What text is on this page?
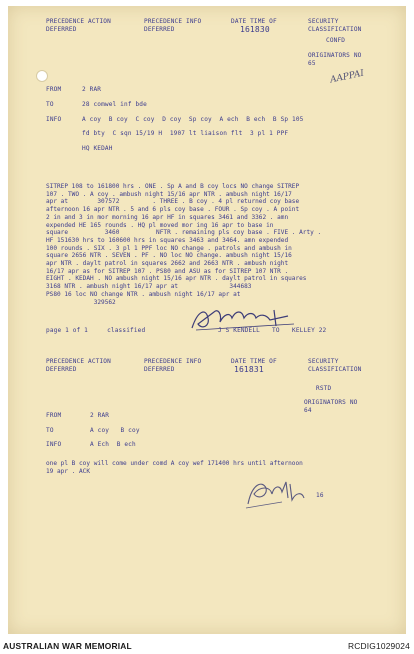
PRECEDENCE ACTION
DEFERRED
PRECEDENCE INFO
DEFERRED
DATE TIME OF
161830
SECURITY
CLASSIFICATION
CONFD
ORIGINATORS NO
65
AAPPAI
FROM	2 RAR
TO	28 comwel inf bde
INFO	A coy  B coy  C coy  D coy  Sp coy  A ech  B ech  B Sp 105
fd bty  C sqn 15/19 H  1907 lt liaison flt  3 pl 1 PPF
HQ KEDAH
SITREP 108 to 161800 hrs . ONE . Sp A and B coy locs NO change SITREP
107 . TWO . A coy . ambush night 15/16 apr NTR . ambush night 16/17
apr at        307572         . THREE . B coy . 4 pl returned coy base
afternoon 16 apr NTR . 5 and 6 pls coy base . FOUR . Sp coy . A point
2 in and 3 in mor morning 16 apr HF in squares 3461 and 3362 . amn
expended HE 165 rounds . HQ pl moved mor ing 16 apr to base in
square          3460          NFTR . remaining pls coy base . FIVE . Arty .
HF 151630 hrs to 160600 hrs in squares 3463 and 3464. amn expended
100 rounds . SIX . 3 pl 1 PPF loc NO change . patrols and ambush in
square 2656 NTR . SEVEN . PF . NO loc NO change. ambush night 15/16
apr NTR . daylt patrol in squares 2662 and 2663 NTR . ambush night
16/17 apr as for SITREP 107 . PS80 and ASU as for SITREP 107 NTR .
EIGHT . KEDAH . NO ambush night 15/16 apr NTR . daylt patrol in squares
3168 NTR . ambush night 16/17 apr at              344683
PS80 16 loc NO change NTR . ambush night 16/17 apr at
329562
page 1 of 1     classified	J S KENDELL TO KELLEY 22
PRECEDENCE ACTION
DEFERRED
PRECEDENCE INFO
DEFERRED
DATE TIME OF
161831
SECURITY
CLASSIFICATION
RSTD
ORIGINATORS NO
64
FROM	2 RAR
TO	A coy   B coy
INFO	A Ech  B ech
one pl B coy will come under comd A coy wef 171400 hrs until afternoon
19 apr . ACK
16
AUSTRALIAN WAR MEMORIAL	RCDIG1029024
